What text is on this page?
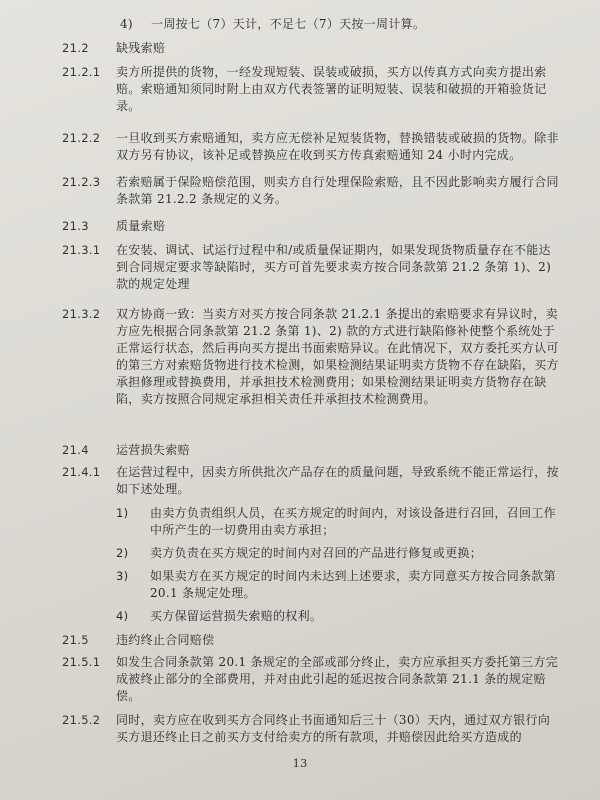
4) 一周按七（7）天计，不足七（7）天按一周计算。
21.2 缺残索赔
21.2.1 卖方所提供的货物，一经发现短装、误装或破损，买方以传真方式向卖方提出索赔。索赔通知须同时附上由双方代表签署的证明短装、误装和破损的开箱验货记录。
21.2.2 一旦收到买方索赔通知，卖方应无偿补足短装货物，替换错装或破损的货物。除非双方另有协议，该补足或替换应在收到买方传真索赔通知 24 小时内完成。
21.2.3 若索赔属于保险赔偿范围，则卖方自行处理保险索赔，且不因此影响卖方履行合同条款第 21.2.2 条规定的义务。
21.3 质量索赔
21.3.1 在安装、调试、试运行过程中和/或质量保证期内，如果发现货物质量存在不能达到合同规定要求等缺陷时，买方可首先要求卖方按合同条款第 21.2 条第 1)、2) 款的规定处理
21.3.2 双方协商一致：当卖方对买方按合同条款 21.2.1 条提出的索赔要求有异议时，卖方应先根据合同条款第 21.2 条第 1)、2) 款的方式进行缺陷修补使整个系统处于正常运行状态，然后再向买方提出书面索赔异议。在此情况下，双方委托买方认可的第三方对索赔货物进行技术检测，如果检测结果证明卖方货物不存在缺陷，买方承担修理或替换费用，并承担技术检测费用；如果检测结果证明卖方货物存在缺陷，卖方按照合同规定承担相关责任并承担技术检测费用。
21.4 运营损失索赔
21.4.1 在运营过程中，因卖方所供批次产品存在的质量问题，导致系统不能正常运行，按如下述处理。
1) 由卖方负责组织人员，在买方规定的时间内，对该设备进行召回，召回工作中所产生的一切费用由卖方承担；
2) 卖方负责在买方规定的时间内对召回的产品进行修复或更换；
3) 如果卖方在买方规定的时间内未达到上述要求，卖方同意买方按合同条款第 20.1 条规定处理。
4) 买方保留运营损失索赔的权利。
21.5 违约终止合同赔偿
21.5.1 如发生合同条款第 20.1 条规定的全部或部分终止，卖方应承担买方委托第三方完成被终止部分的全部费用，并对由此引起的延迟按合同条款第 21.1 条的规定赔偿。
21.5.2 同时，卖方应在收到买方合同终止书面通知后三十（30）天内，通过双方银行向买方退还终止日之前买方支付给卖方的所有款项，并赔偿因此给买方造成的
13
